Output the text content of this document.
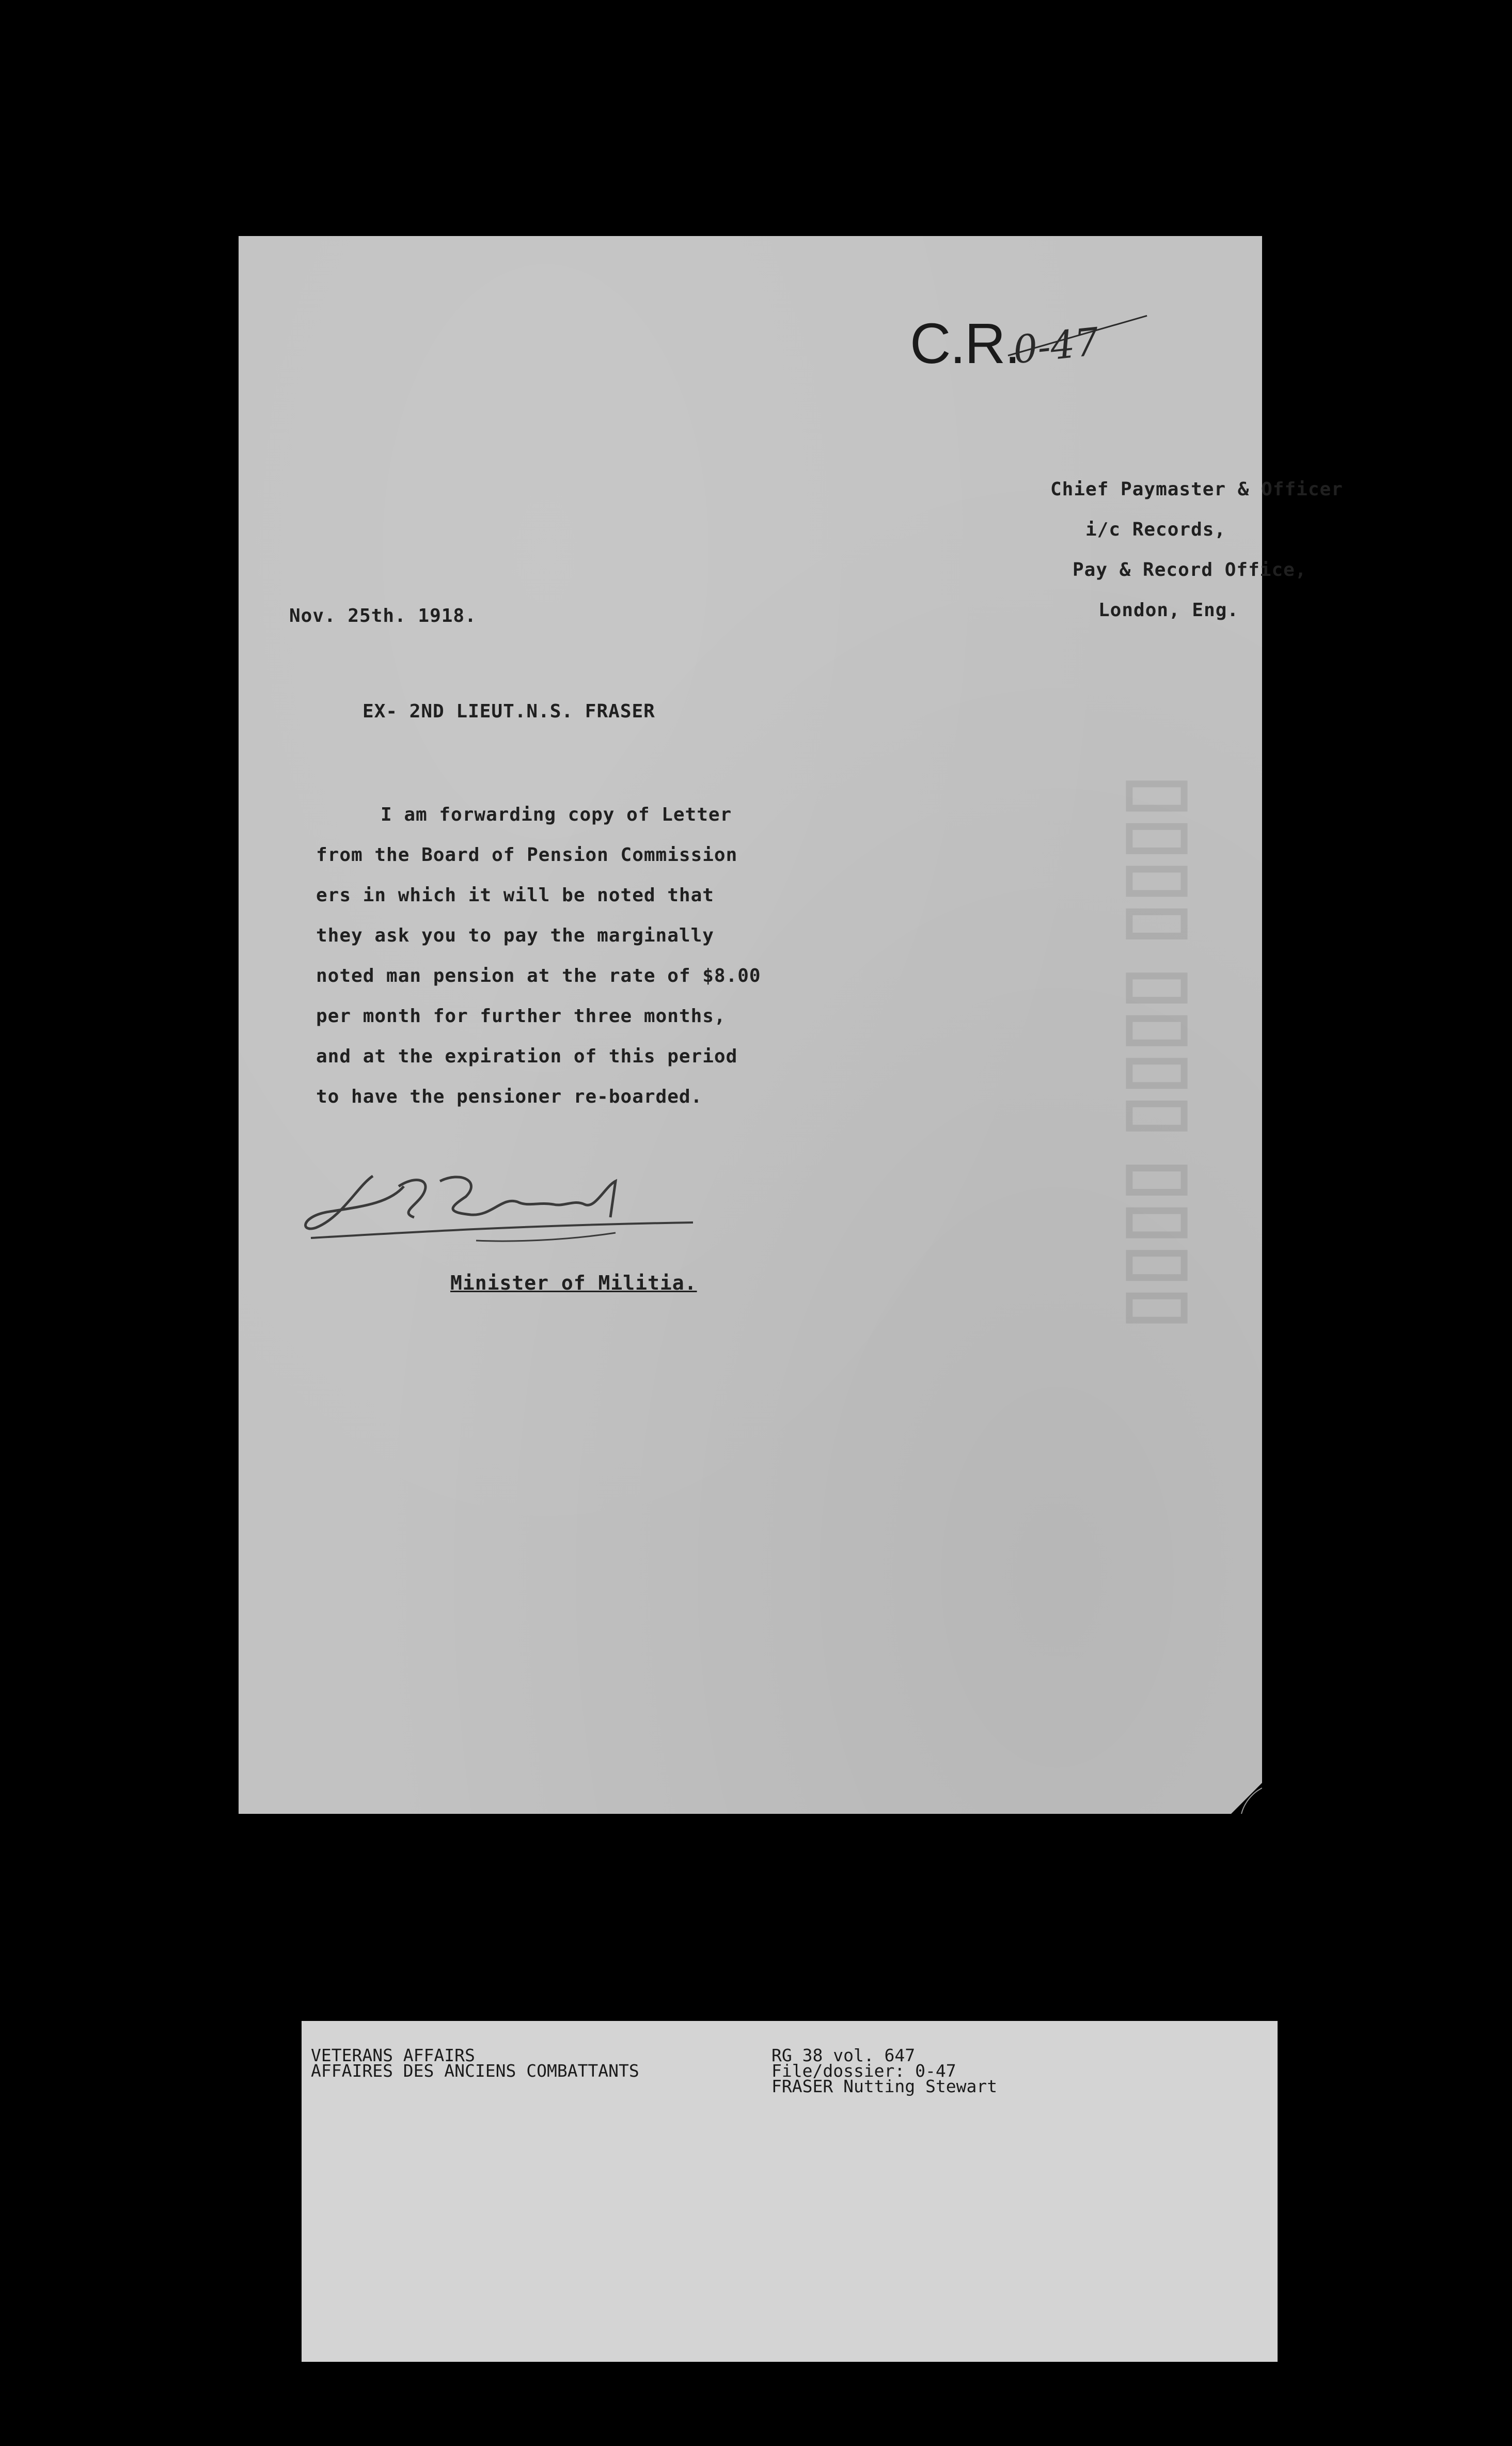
▯▯▯▯ ▯▯▯▯ ▯▯▯▯
C.R.
0-47
Chief Paymaster & Officer
i/c Records,
Pay & Record Office,
London, Eng.
Nov. 25th. 1918.
EX- 2ND LIEUT.N.S. FRASER
I am forwarding copy of Letter
from the Board of Pension Commission
ers in which it will be noted that
they ask you to pay the marginally
noted man pension at the rate of $8.00
per month for further three months,
and at the expiration of this period
to have the pensioner re-boarded.
Minister of Militia.
VETERANS AFFAIRS
AFFAIRES DES ANCIENS COMBATTANTS
RG 38 vol. 647
File/dossier: 0-47
FRASER Nutting Stewart
